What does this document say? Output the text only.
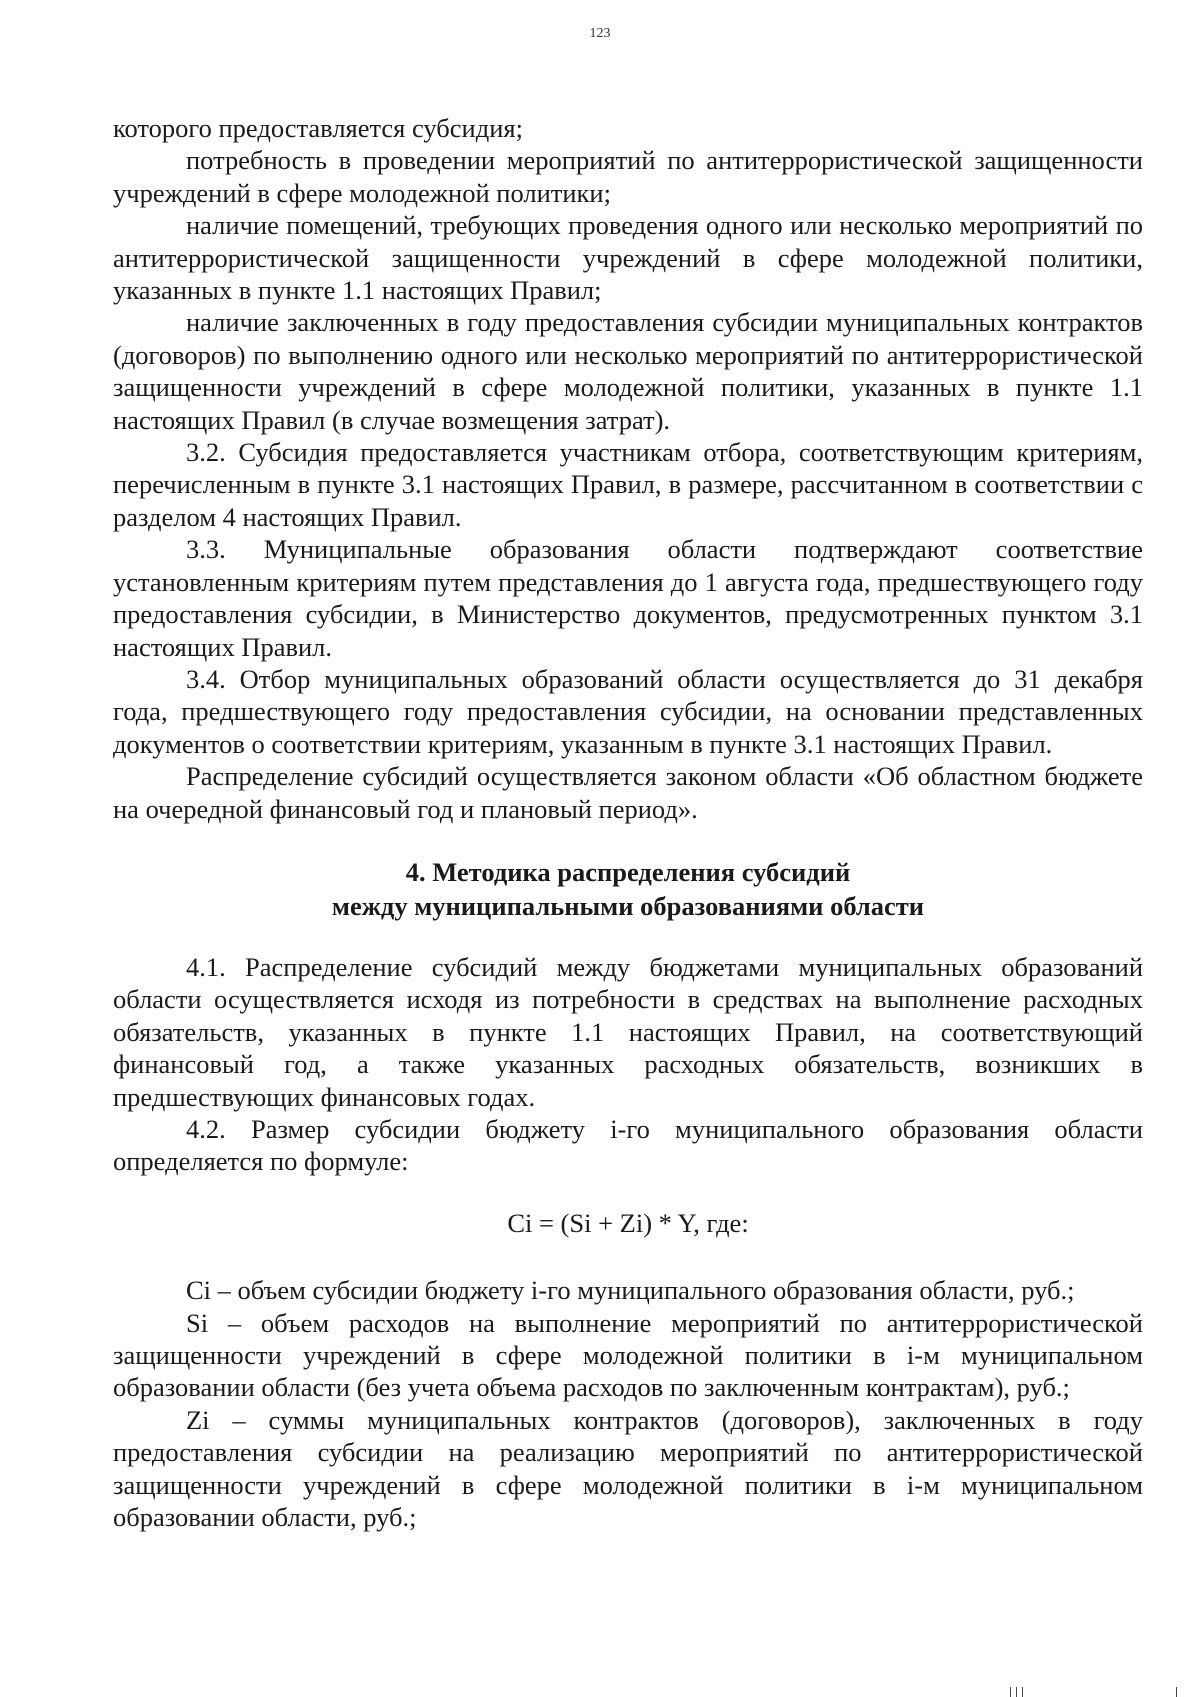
123

которого предоставляется субсидия;

потребность в проведении мероприятий по антитеррористической защищенности учреждений в сфере молодежной политики;

наличие помещений, требующих проведения одного или несколько мероприятий по антитеррористической защищенности учреждений в сфере молодежной политики, указанных в пункте 1.1 настоящих Правил;

наличие заключенных в году предоставления субсидии муниципальных контрактов (договоров) по выполнению одного или несколько мероприятий по антитеррористической защищенности учреждений в сфере молодежной политики, указанных в пункте 1.1 настоящих Правил (в случае возмещения затрат).

3.2. Субсидия предоставляется участникам отбора, соответствующим критериям, перечисленным в пункте 3.1 настоящих Правил, в размере, рассчитанном в соответствии с разделом 4 настоящих Правил.

3.3. Муниципальные образования области подтверждают соответствие установленным критериям путем представления до 1 августа года, предшествующего году предоставления субсидии, в Министерство документов, предусмотренных пунктом 3.1 настоящих Правил.

3.4. Отбор муниципальных образований области осуществляется до 31 декабря года, предшествующего году предоставления субсидии, на основании представленных документов о соответствии критериям, указанным в пункте 3.1 настоящих Правил.

Распределение субсидий осуществляется законом области «Об областном бюджете на очередной финансовый год и плановый период».

4. Методика распределения субсидий
между муниципальными образованиями области

4.1. Распределение субсидий между бюджетами муниципальных образований области осуществляется исходя из потребности в средствах на выполнение расходных обязательств, указанных в пункте 1.1 настоящих Правил, на соответствующий финансовый год, а также указанных расходных обязательств, возникших в предшествующих финансовых годах.

4.2. Размер субсидии бюджету i-го муниципального образования области определяется по формуле:

Ci = (Si + Zi) * Y, где:

Ci – объем субсидии бюджету i-го муниципального образования области, руб.;

Si – объем расходов на выполнение мероприятий по антитеррористической защищенности учреждений в сфере молодежной политики в i-м муниципальном образовании области (без учета объема расходов по заключенным контрактам), руб.;

Zi – суммы муниципальных контрактов (договоров), заключенных в году предоставления субсидии на реализацию мероприятий по антитеррористической защищенности учреждений в сфере молодежной политики в i-м муниципальном образовании области, руб.;
